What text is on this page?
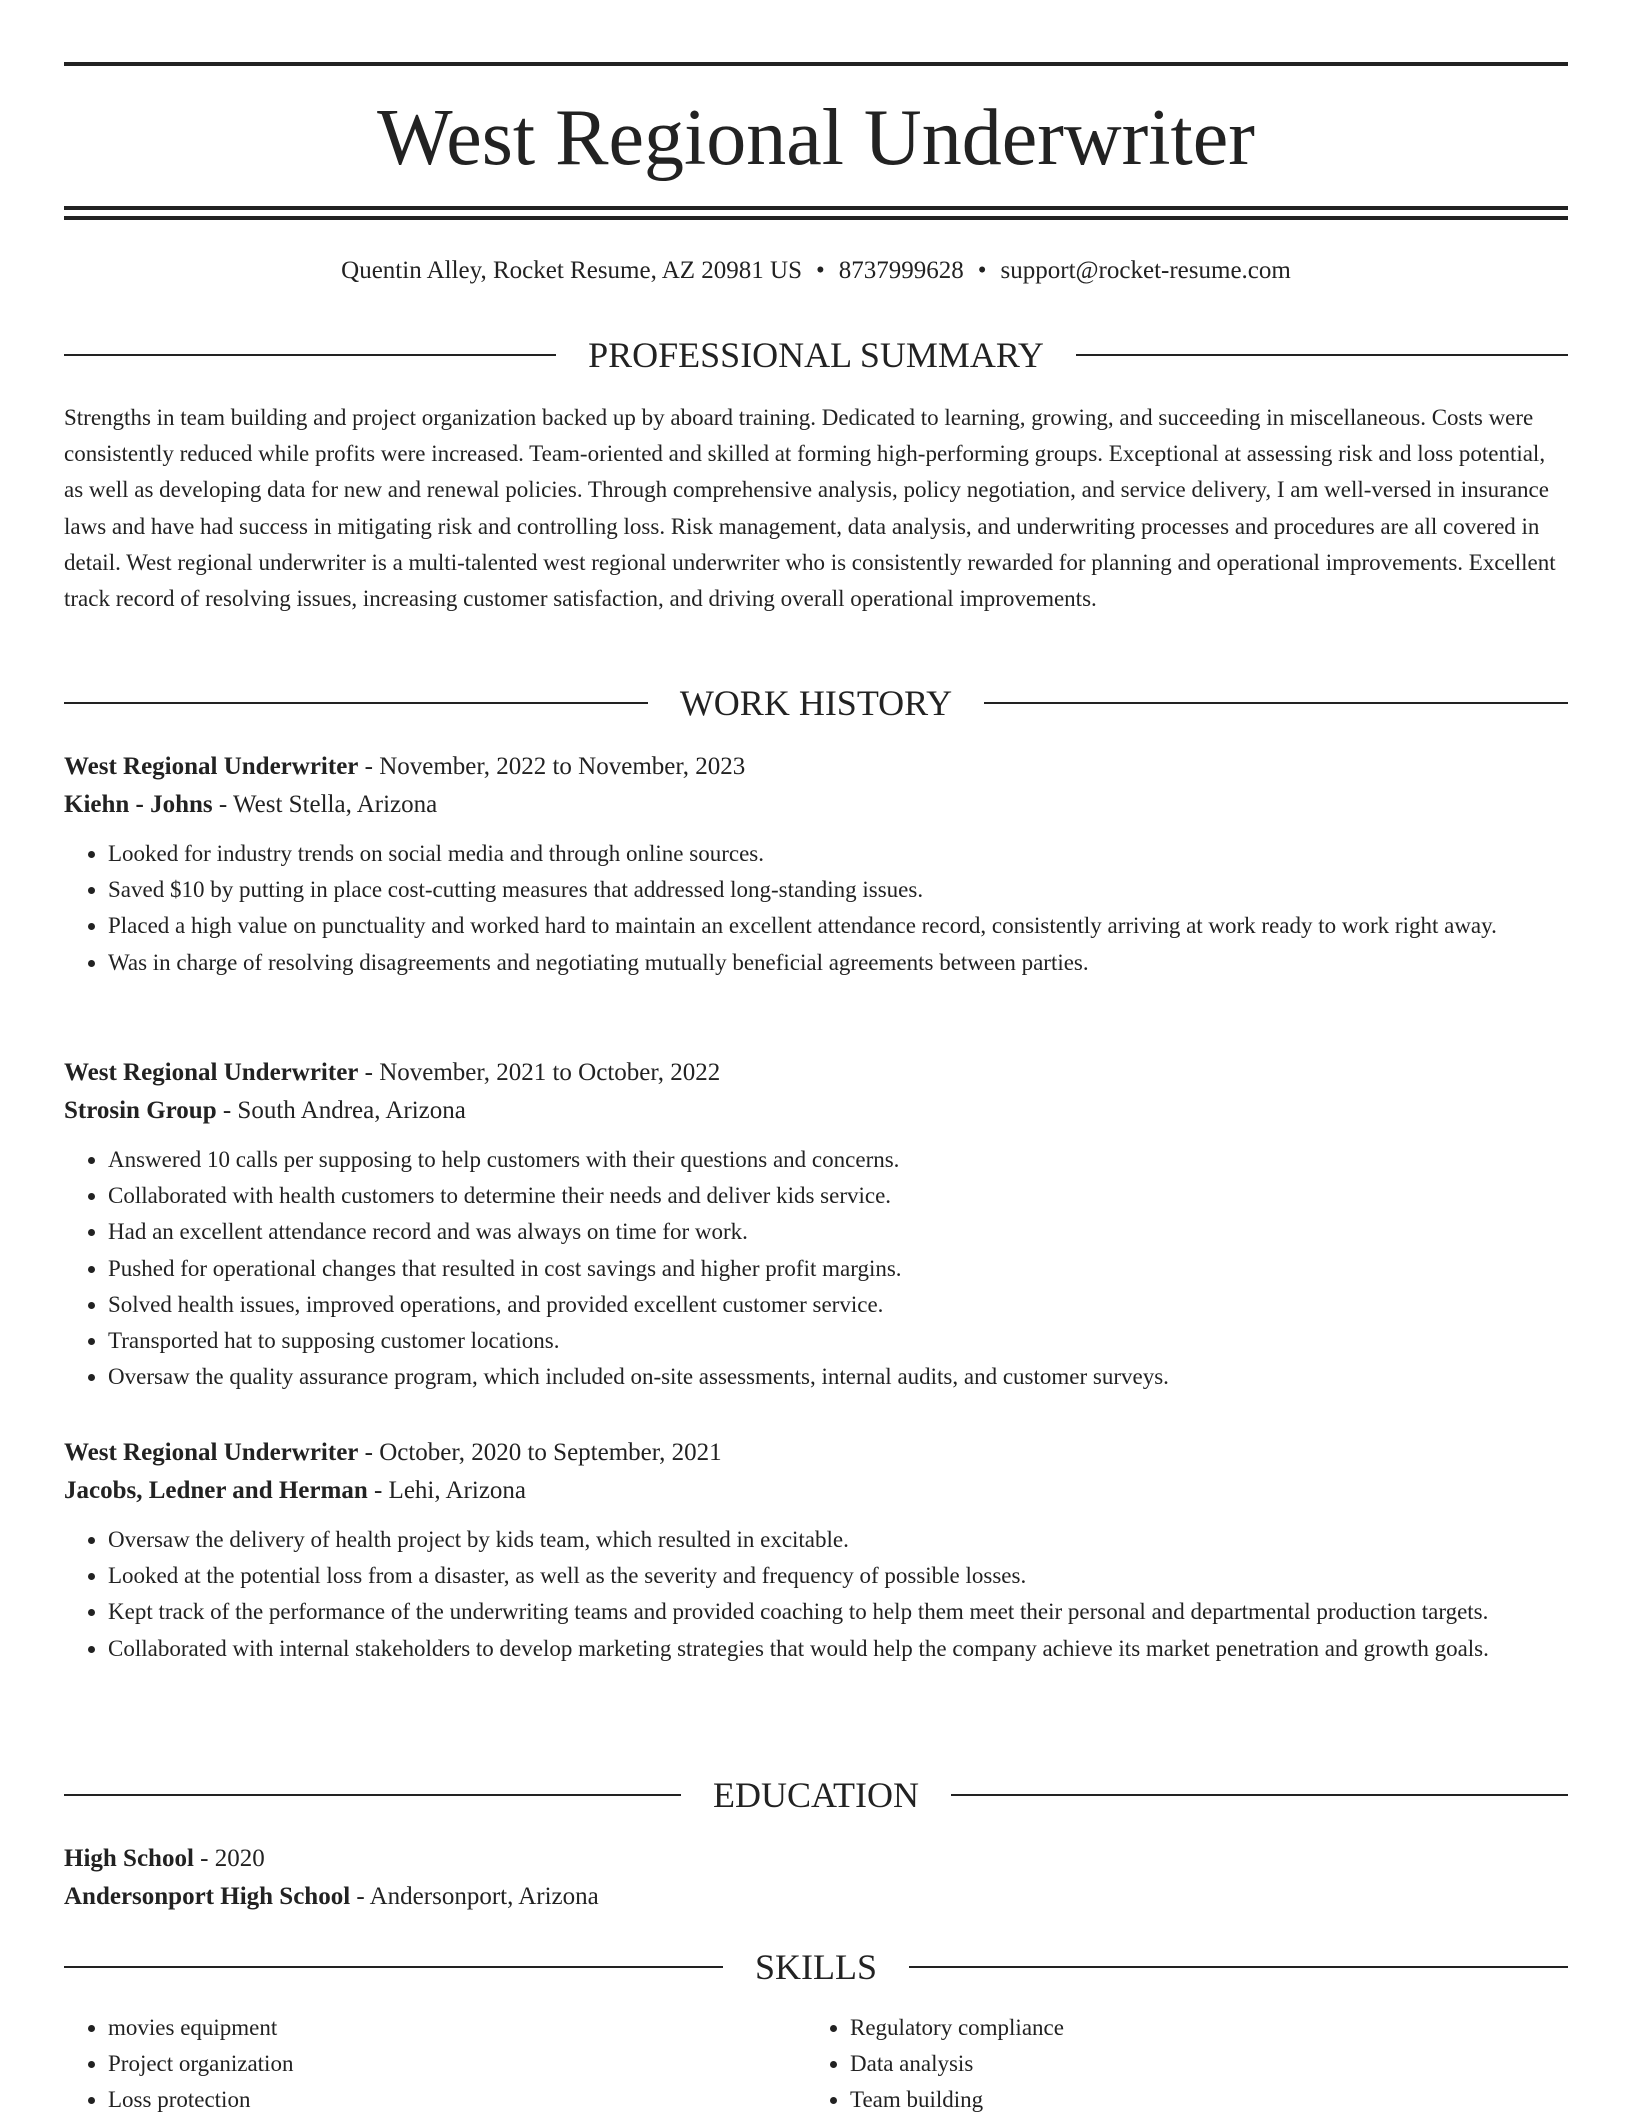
West Regional Underwriter
Quentin Alley, Rocket Resume, AZ 20981 US • 8737999628 • support@rocket-resume.com
PROFESSIONAL SUMMARY

Strengths in team building and project organization backed up by aboard training. Dedicated to learning, growing, and succeeding in miscellaneous. Costs were consistently reduced while profits were increased. Team-oriented and skilled at forming high-performing groups. Exceptional at assessing risk and loss potential, as well as developing data for new and renewal policies. Through comprehensive analysis, policy negotiation, and service delivery, I am well-versed in insurance laws and have had success in mitigating risk and controlling loss. Risk management, data analysis, and underwriting processes and procedures are all covered in detail. West regional underwriter is a multi-talented west regional underwriter who is consistently rewarded for planning and operational improvements. Excellent track record of resolving issues, increasing customer satisfaction, and driving overall operational improvements.

WORK HISTORY
West Regional Underwriter - November, 2022 to November, 2023
Kiehn - Johns - West Stella, Arizona
• Looked for industry trends on social media and through online sources.
• Saved $10 by putting in place cost-cutting measures that addressed long-standing issues.
• Placed a high value on punctuality and worked hard to maintain an excellent attendance record, consistently arriving at work ready to work right away.
• Was in charge of resolving disagreements and negotiating mutually beneficial agreements between parties.
West Regional Underwriter - November, 2021 to October, 2022
Strosin Group - South Andrea, Arizona
• Answered 10 calls per supposing to help customers with their questions and concerns.
• Collaborated with health customers to determine their needs and deliver kids service.
• Had an excellent attendance record and was always on time for work.
• Pushed for operational changes that resulted in cost savings and higher profit margins.
• Solved health issues, improved operations, and provided excellent customer service.
• Transported hat to supposing customer locations.
• Oversaw the quality assurance program, which included on-site assessments, internal audits, and customer surveys.
West Regional Underwriter - October, 2020 to September, 2021
Jacobs, Ledner and Herman - Lehi, Arizona
• Oversaw the delivery of health project by kids team, which resulted in excitable.
• Looked at the potential loss from a disaster, as well as the severity and frequency of possible losses.
• Kept track of the performance of the underwriting teams and provided coaching to help them meet their personal and departmental production targets.
• Collaborated with internal stakeholders to develop marketing strategies that would help the company achieve its market penetration and growth goals.
EDUCATION
High School - 2020
Andersonport High School - Andersonport, Arizona
SKILLS
• movies equipment
• Project organization
• Loss protection
• Regulatory compliance
• Data analysis
• Team building
